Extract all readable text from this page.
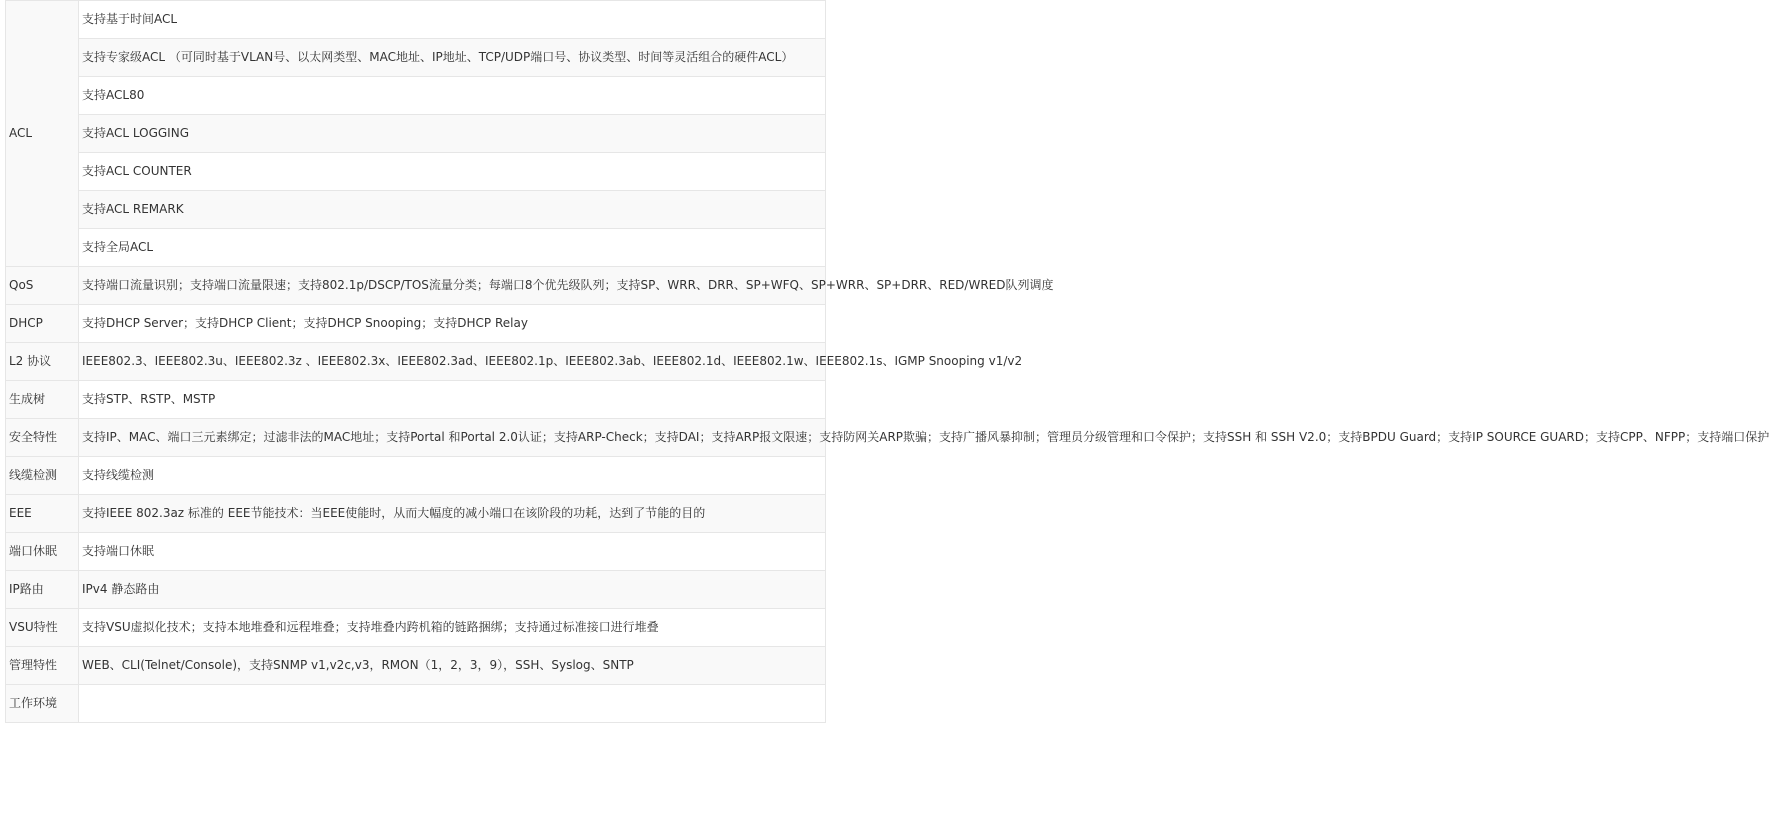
ACL	支持基于时间ACL
	支持专家级ACL （可同时基于VLAN号、以太网类型、MAC地址、IP地址、TCP/UDP端口号、协议类型、时间等灵活组合的硬件ACL）
	支持ACL80
	支持ACL LOGGING
	支持ACL COUNTER
	支持ACL REMARK
	支持全局ACL
QoS	支持端口流量识别；支持端口流量限速；支持802.1p/DSCP/TOS流量分类；每端口8个优先级队列；支持SP、WRR、DRR、SP+WFQ、SP+WRR、SP+DRR、RED/WRED队列调度
DHCP	支持DHCP Server；支持DHCP Client；支持DHCP Snooping；支持DHCP Relay
L2 协议	IEEE802.3、IEEE802.3u、IEEE802.3z 、IEEE802.3x、IEEE802.3ad、IEEE802.1p、IEEE802.3ab、IEEE802.1d、IEEE802.1w、IEEE802.1s、IGMP Snooping v1/v2
生成树	支持STP、RSTP、MSTP
安全特性	支持IP、MAC、端口三元素绑定；过滤非法的MAC地址；支持Portal 和Portal 2.0认证；支持ARP-Check；支持DAI；支持ARP报文限速；支持防网关ARP欺骗；支持广播风暴抑制；管理员分级管理和口令保护；支持SSH 和 SSH V2.0；支持BPDU Guard；支持IP SOURCE GUARD；支持CPP、NFPP；支持端口保护
线缆检测	支持线缆检测
EEE	支持IEEE 802.3az 标准的 EEE节能技术：当EEE使能时，从而大幅度的减小端口在该阶段的功耗，达到了节能的目的
端口休眠	支持端口休眠
IP路由	IPv4 静态路由
VSU特性	支持VSU虚拟化技术；支持本地堆叠和远程堆叠；支持堆叠内跨机箱的链路捆绑；支持通过标准接口进行堆叠
管理特性	WEB、CLI(Telnet/Console)，支持SNMP v1,v2c,v3，RMON（1，2，3，9），SSH、Syslog、SNTP
工作环境	
